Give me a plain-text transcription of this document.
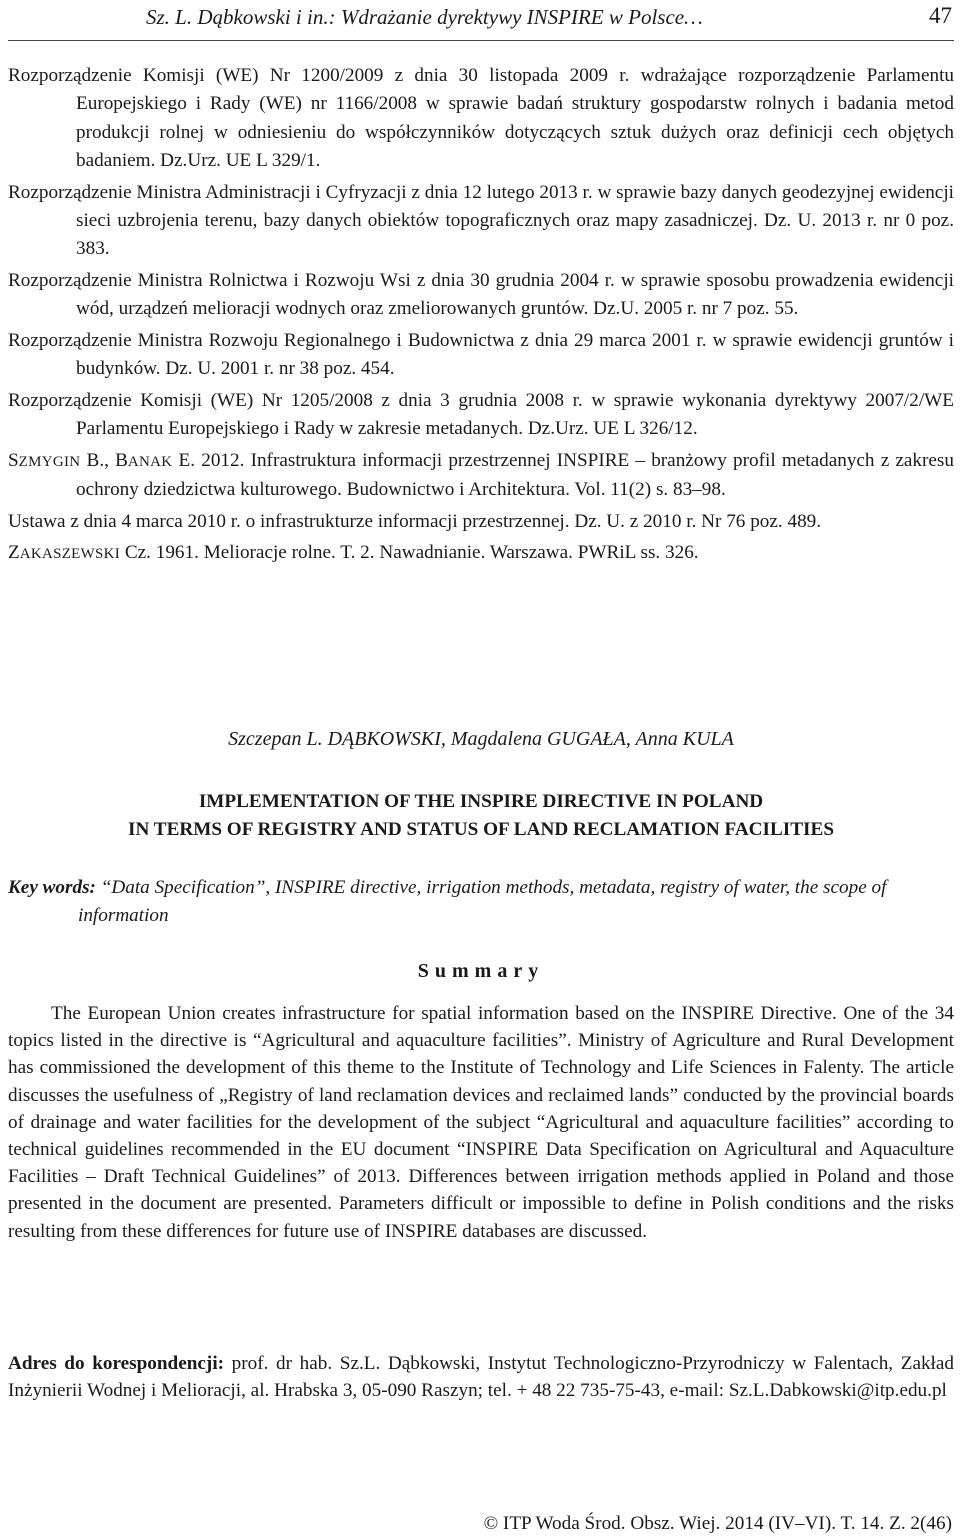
Sz. L. Dąbkowski i in.: Wdrażanie dyrektywy INSPIRE w Polsce…	47

Rozporządzenie Komisji (WE) Nr 1200/2009 z dnia 30 listopada 2009 r. wdrażające rozporządzenie Parlamentu Europejskiego i Rady (WE) nr 1166/2008 w sprawie badań struktury gospodarstw rolnych i badania metod produkcji rolnej w odniesieniu do współczynników dotyczących sztuk dużych oraz definicji cech objętych badaniem. Dz.Urz. UE L 329/1.

Rozporządzenie Ministra Administracji i Cyfryzacji z dnia 12 lutego 2013 r. w sprawie bazy danych geodezyjnej ewidencji sieci uzbrojenia terenu, bazy danych obiektów topograficznych oraz mapy zasadniczej. Dz. U. 2013 r. nr 0 poz. 383.

Rozporządzenie Ministra Rolnictwa i Rozwoju Wsi z dnia 30 grudnia 2004 r. w sprawie sposobu prowadzenia ewidencji wód, urządzeń melioracji wodnych oraz zmeliorowanych gruntów. Dz.U. 2005 r. nr 7 poz. 55.

Rozporządzenie Ministra Rozwoju Regionalnego i Budownictwa z dnia 29 marca 2001 r. w sprawie ewidencji gruntów i budynków. Dz. U. 2001 r. nr 38 poz. 454.

Rozporządzenie Komisji (WE) Nr 1205/2008 z dnia 3 grudnia 2008 r. w sprawie wykonania dyrektywy 2007/2/WE Parlamentu Europejskiego i Rady w zakresie metadanych. Dz.Urz. UE L 326/12.

SZMYGIN B., BANAK E. 2012. Infrastruktura informacji przestrzennej INSPIRE – branżowy profil metadanych z zakresu ochrony dziedzictwa kulturowego. Budownictwo i Architektura. Vol. 11(2) s. 83–98.

Ustawa z dnia 4 marca 2010 r. o infrastrukturze informacji przestrzennej. Dz. U. z 2010 r. Nr 76 poz. 489.

ZAKASZEWSKI Cz. 1961. Melioracje rolne. T. 2. Nawadnianie. Warszawa. PWRiL ss. 326.

Szczepan L. DĄBKOWSKI, Magdalena GUGAŁA, Anna KULA
IMPLEMENTATION OF THE INSPIRE DIRECTIVE IN POLAND
IN TERMS OF REGISTRY AND STATUS OF LAND RECLAMATION FACILITIES

Key words: “Data Specification”, INSPIRE directive, irrigation methods, metadata, registry of water, the scope of information

Summary

The European Union creates infrastructure for spatial information based on the INSPIRE Directive. One of the 34 topics listed in the directive is “Agricultural and aquaculture facilities”. Ministry of Agriculture and Rural Development has commissioned the development of this theme to the Institute of Technology and Life Sciences in Falenty. The article discusses the usefulness of „Registry of land reclamation devices and reclaimed lands” conducted by the provincial boards of drainage and water facilities for the development of the subject “Agricultural and aquaculture facilities” according to technical guidelines recommended in the EU document “INSPIRE Data Specification on Agricultural and Aquaculture Facilities – Draft Technical Guidelines” of 2013. Differences between irrigation methods applied in Poland and those presented in the document are presented. Parameters difficult or impossible to define in Polish conditions and the risks resulting from these differences for future use of INSPIRE databases are discussed.

Adres do korespondencji: prof. dr hab. Sz.L. Dąbkowski, Instytut Technologiczno-Przyrodniczy w Falentach, Zakład Inżynierii Wodnej i Melioracji, al. Hrabska 3, 05-090 Raszyn; tel. + 48 22 735-75-43, e-mail: Sz.L.Dabkowski@itp.edu.pl

© ITP Woda Środ. Obsz. Wiej. 2014 (IV–VI). T. 14. Z. 2(46)
